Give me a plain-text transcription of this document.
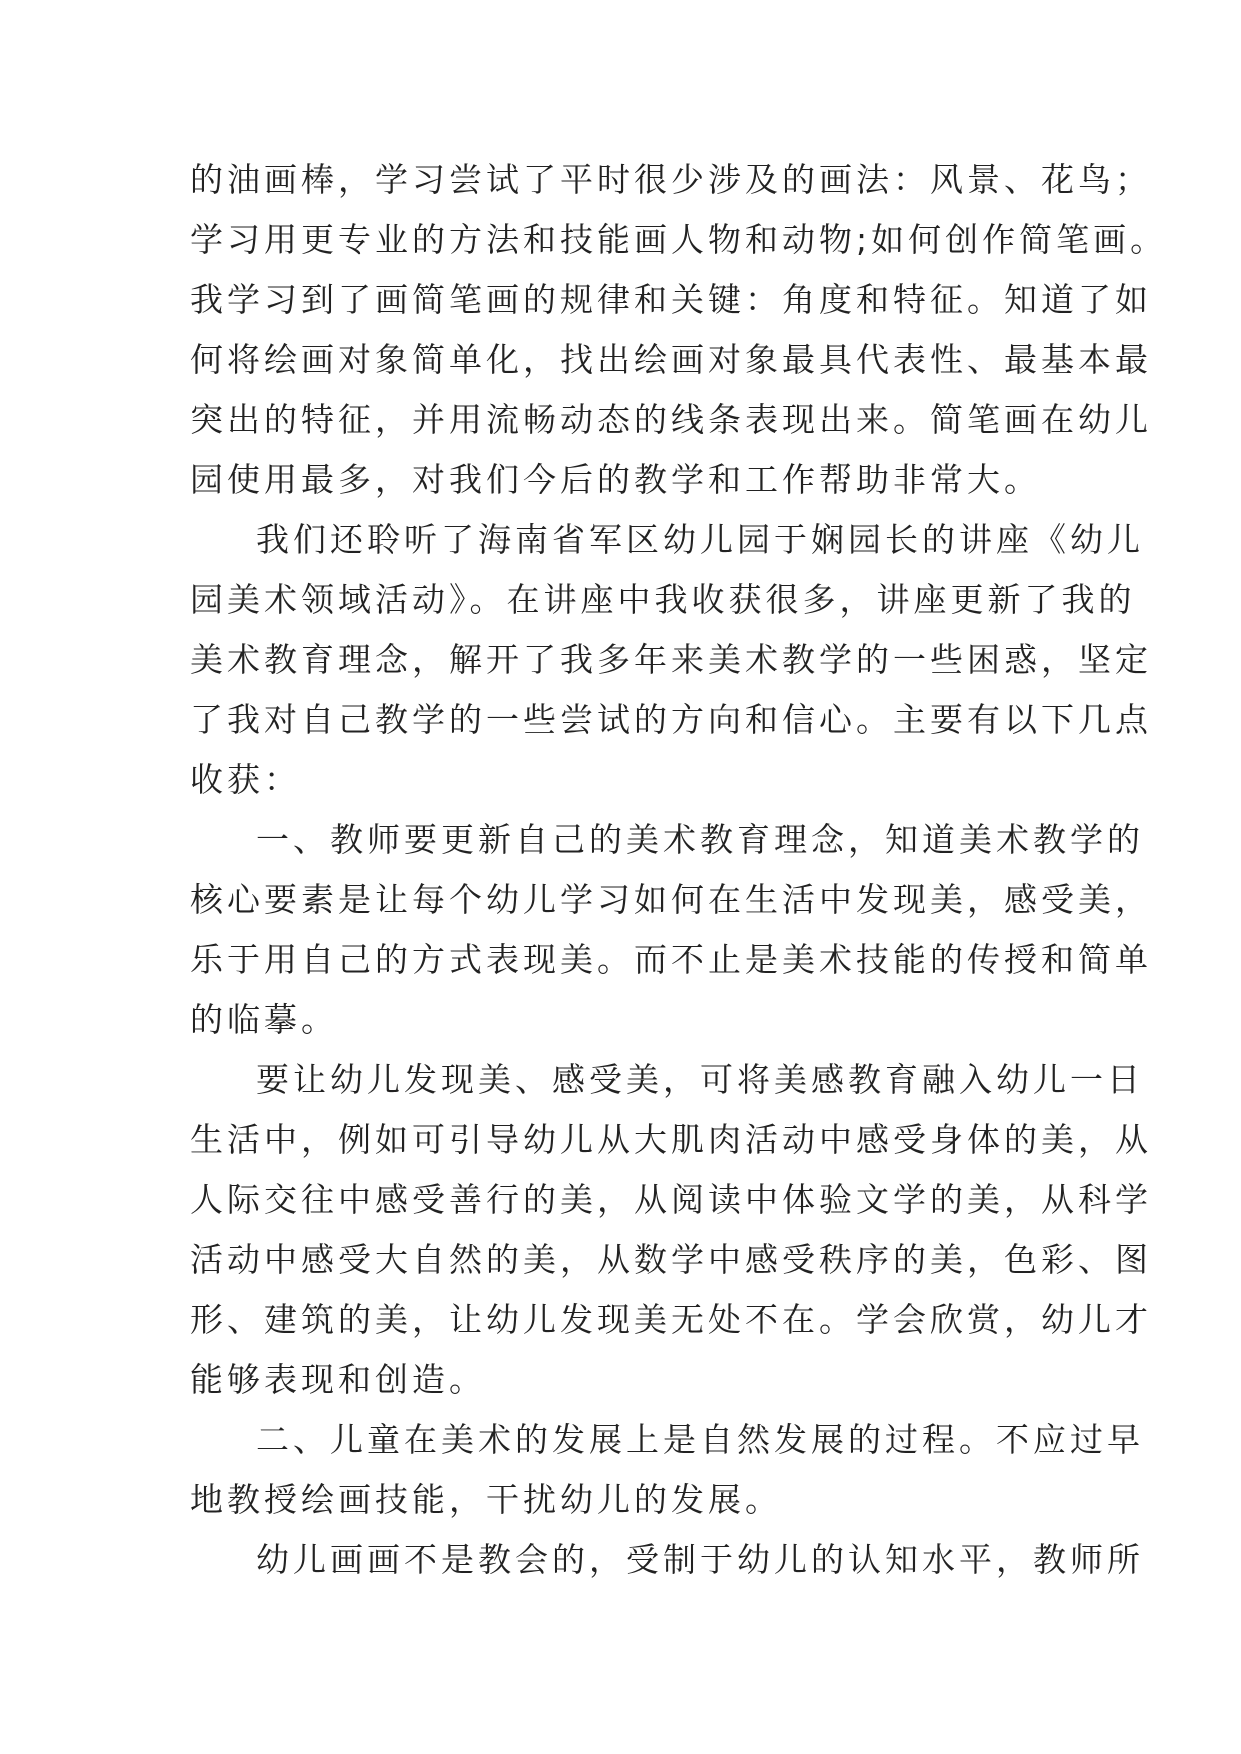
的油画棒，学习尝试了平时很少涉及的画法：风景、花鸟；
学习用更专业的方法和技能画人物和动物;如何创作简笔画。
我学习到了画简笔画的规律和关键：角度和特征。知道了如
何将绘画对象简单化，找出绘画对象最具代表性、最基本最
突出的特征，并用流畅动态的线条表现出来。简笔画在幼儿
园使用最多，对我们今后的教学和工作帮助非常大。
我们还聆听了海南省军区幼儿园于娴园长的讲座《幼儿
园美术领域活动》。在讲座中我收获很多，讲座更新了我的
美术教育理念，解开了我多年来美术教学的一些困惑，坚定
了我对自己教学的一些尝试的方向和信心。主要有以下几点
收获：
一、教师要更新自己的美术教育理念，知道美术教学的
核心要素是让每个幼儿学习如何在生活中发现美，感受美，
乐于用自己的方式表现美。而不止是美术技能的传授和简单
的临摹。
要让幼儿发现美、感受美，可将美感教育融入幼儿一日
生活中，例如可引导幼儿从大肌肉活动中感受身体的美，从
人际交往中感受善行的美，从阅读中体验文学的美，从科学
活动中感受大自然的美，从数学中感受秩序的美，色彩、图
形、建筑的美，让幼儿发现美无处不在。学会欣赏，幼儿才
能够表现和创造。
二、儿童在美术的发展上是自然发展的过程。不应过早
地教授绘画技能，干扰幼儿的发展。
幼儿画画不是教会的，受制于幼儿的认知水平，教师所
